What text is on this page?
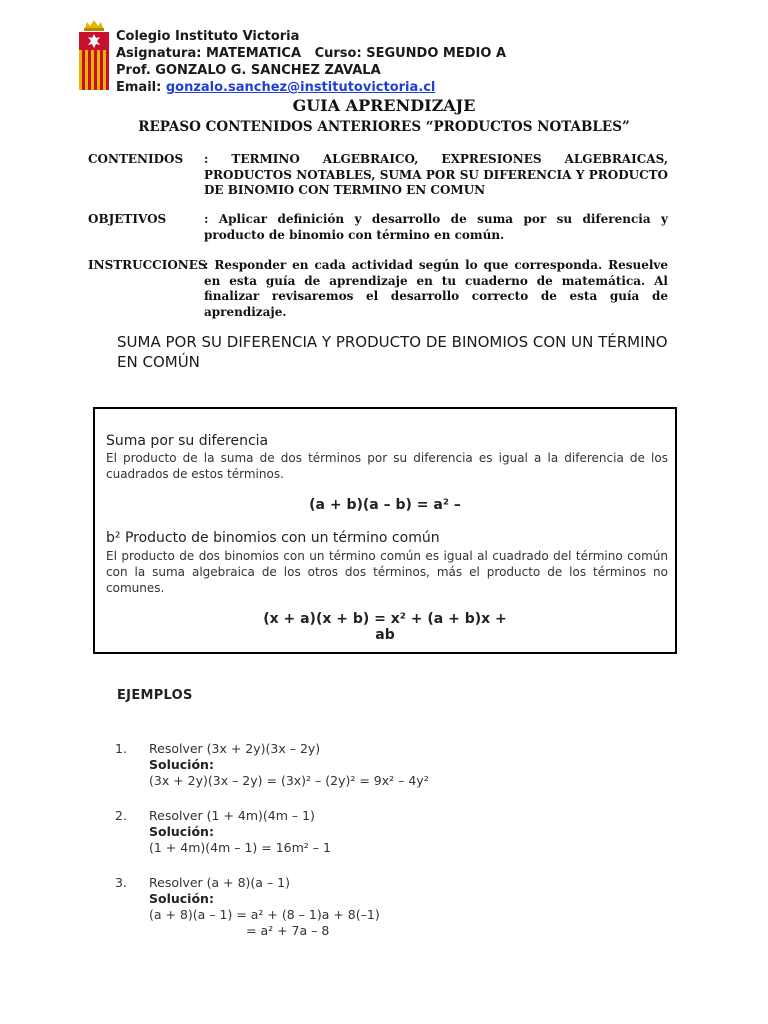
Colegio Instituto Victoria
Asignatura: MATEMATICA Curso: SEGUNDO MEDIO A
Prof. GONZALO G. SANCHEZ ZAVALA
Email: gonzalo.sanchez@institutovictoria.cl
GUIA APRENDIZAJE
REPASO CONTENIDOS ANTERIORES “PRODUCTOS NOTABLES”
CONTENIDOS : TERMINO ALGEBRAICO, EXPRESIONES ALGEBRAICAS, PRODUCTOS NOTABLES, SUMA POR SU DIFERENCIA Y PRODUCTO DE BINOMIO CON TERMINO EN COMUN
OBJETIVOS	: Aplicar definición y desarrollo de suma por su diferencia y producto de binomio con término en común.
INSTRUCCIONES
: Responder en cada actividad según lo que corresponda. Resuelve en esta guía de aprendizaje en tu cuaderno de matemática. Al finalizar revisaremos el desarrollo correcto de esta guía de aprendizaje.
SUMA POR SU DIFERENCIA Y PRODUCTO DE BINOMIOS CON UN TÉRMINO EN COMÚN
Suma por su diferencia
El producto de la suma de dos términos por su diferencia es igual a la diferencia de los cuadrados de estos términos.
(a + b)(a – b) = a² –
b² Producto de binomios con un término común
El producto de dos binomios con un término común es igual al cuadrado del término común con la suma algebraica de los otros dos términos, más el producto de los términos no comunes.
(x + a)(x + b) = x² + (a + b)x +
ab
EJEMPLOS
1. Resolver (3x + 2y)(3x – 2y)
Solución:
(3x + 2y)(3x – 2y) = (3x)² – (2y)² = 9x² – 4y²
2. Resolver (1 + 4m)(4m – 1)
Solución:
(1 + 4m)(4m – 1) = 16m² – 1
3. Resolver (a + 8)(a – 1)
Solución:
(a + 8)(a – 1) = a² + (8 – 1)a + 8(–1)
= a² + 7a – 8
